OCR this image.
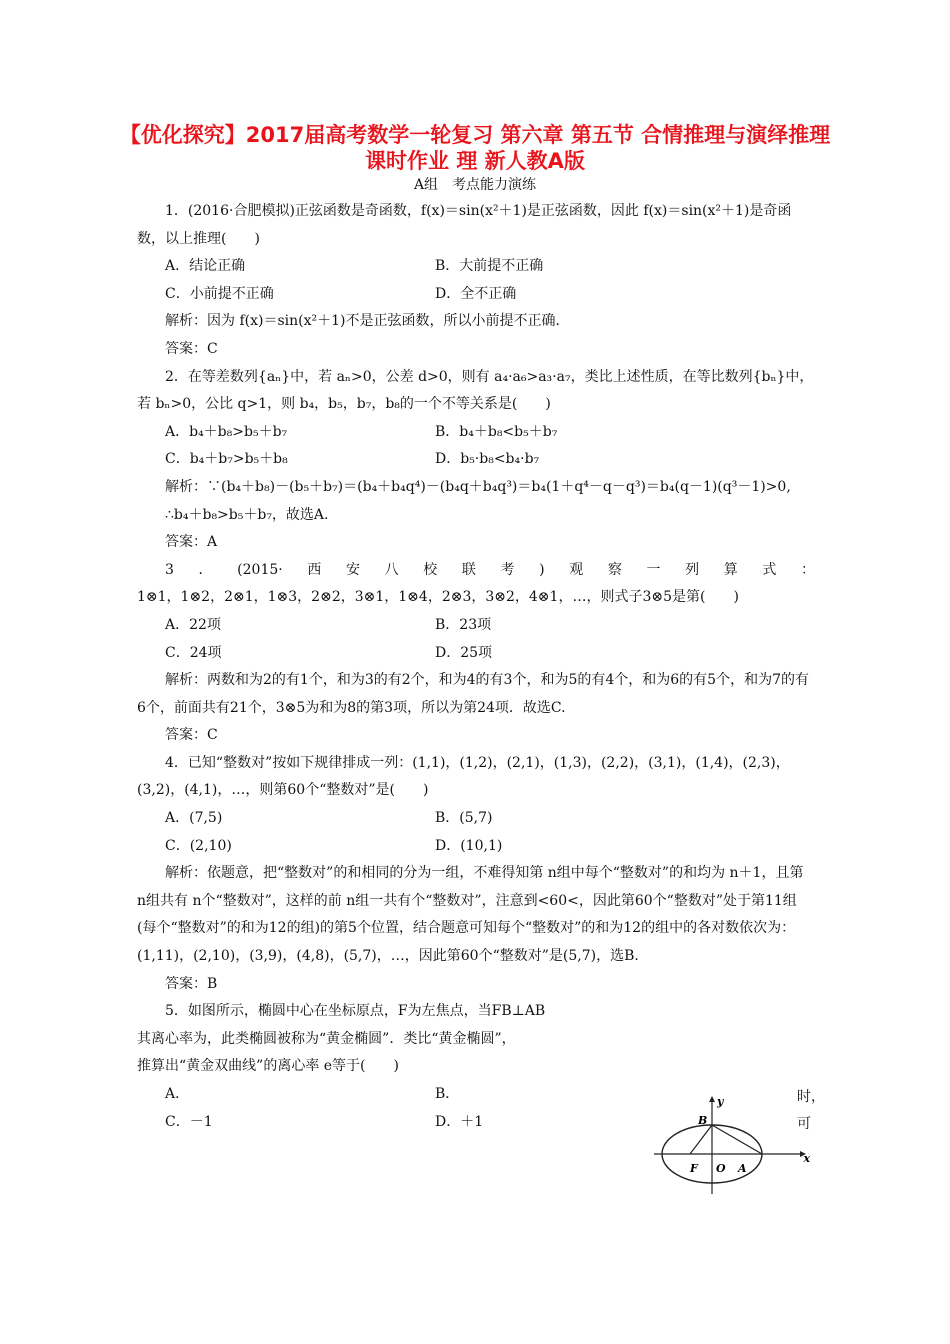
【优化探究】2017届高考数学一轮复习 第六章 第五节 合情推理与演绎推理课时作业 理 新人教A版
A组　考点能力演练

1．(2016·合肥模拟)正弦函数是奇函数，f(x)＝sin(x²＋1)是正弦函数，因此 f(x)＝sin(x²＋1)是奇函数，以上推理(　　)

A．结论正确	B．大前提不正确
C．小前提不正确	D．全不正确

解析：因为 f(x)＝sin(x²＋1)不是正弦函数，所以小前提不正确．

答案：C

2．在等差数列{aₙ}中，若 aₙ>0，公差 d>0，则有 a₄·a₆>a₃·a₇，类比上述性质，在等比数列{bₙ}中，若 bₙ>0，公比 q>1，则 b₄，b₅，b₇，b₈的一个不等关系是(　　)

A．b₄＋b₈>b₅＋b₇	B．b₄＋b₈<b₅＋b₇
C．b₄＋b₇>b₅＋b₈	D．b₅·b₈<b₄·b₇

解析：∵(b₄＋b₈)－(b₅＋b₇)＝(b₄＋b₄q⁴)－(b₄q＋b₄q³)＝b₄(1＋q⁴－q－q³)＝b₄(q－1)(q³－1)>0,

∴b₄＋b₈>b₅＋b₇，故选A.

答案：A

3 ． (2015· 西 安 八 校 联 考 ) 观 察 一 列 算 式 ：

1⊗1，1⊗2，2⊗1，1⊗3，2⊗2，3⊗1，1⊗4，2⊗3，3⊗2，4⊗1，…，则式子3⊗5是第(　　)

A．22项	B．23项
C．24项	D．25项

解析：两数和为2的有1个，和为3的有2个，和为4的有3个，和为5的有4个，和为6的有5个，和为7的有6个，前面共有21个，3⊗5为和为8的第3项，所以为第24项．故选C.

答案：C

4．已知“整数对”按如下规律排成一列：(1,1)，(1,2)，(2,1)，(1,3)，(2,2)，(3,1)，(1,4)，(2,3)，(3,2)，(4,1)，…，则第60个“整数对”是(　　)

A．(7,5)	B．(5,7)
C．(2,10)	D．(10,1)

解析：依题意，把“整数对”的和相同的分为一组，不难得知第 n组中每个“整数对”的和均为 n＋1，且第 n组共有 n个“整数对”，这样的前 n组一共有个“整数对”，注意到<60<，因此第60个“整数对”处于第11组(每个“整数对”的和为12的组)的第5个位置，结合题意可知每个“整数对”的和为12的组中的各对数依次为：(1,11)，(2,10)，(3,9)，(4,8)，(5,7)，…，因此第60个“整数对”是(5,7)，选B.

答案：B

5．如图所示，椭圆中心在坐标原点，F为左焦点，当FB⊥AB

其离心率为，此类椭圆被称为“黄金椭圆”．类比“黄金椭圆”，

推算出“黄金双曲线”的离心率 e等于(　　)

A．	B．
C．－1	D．＋1
时，
可
x
y
B
F O A
